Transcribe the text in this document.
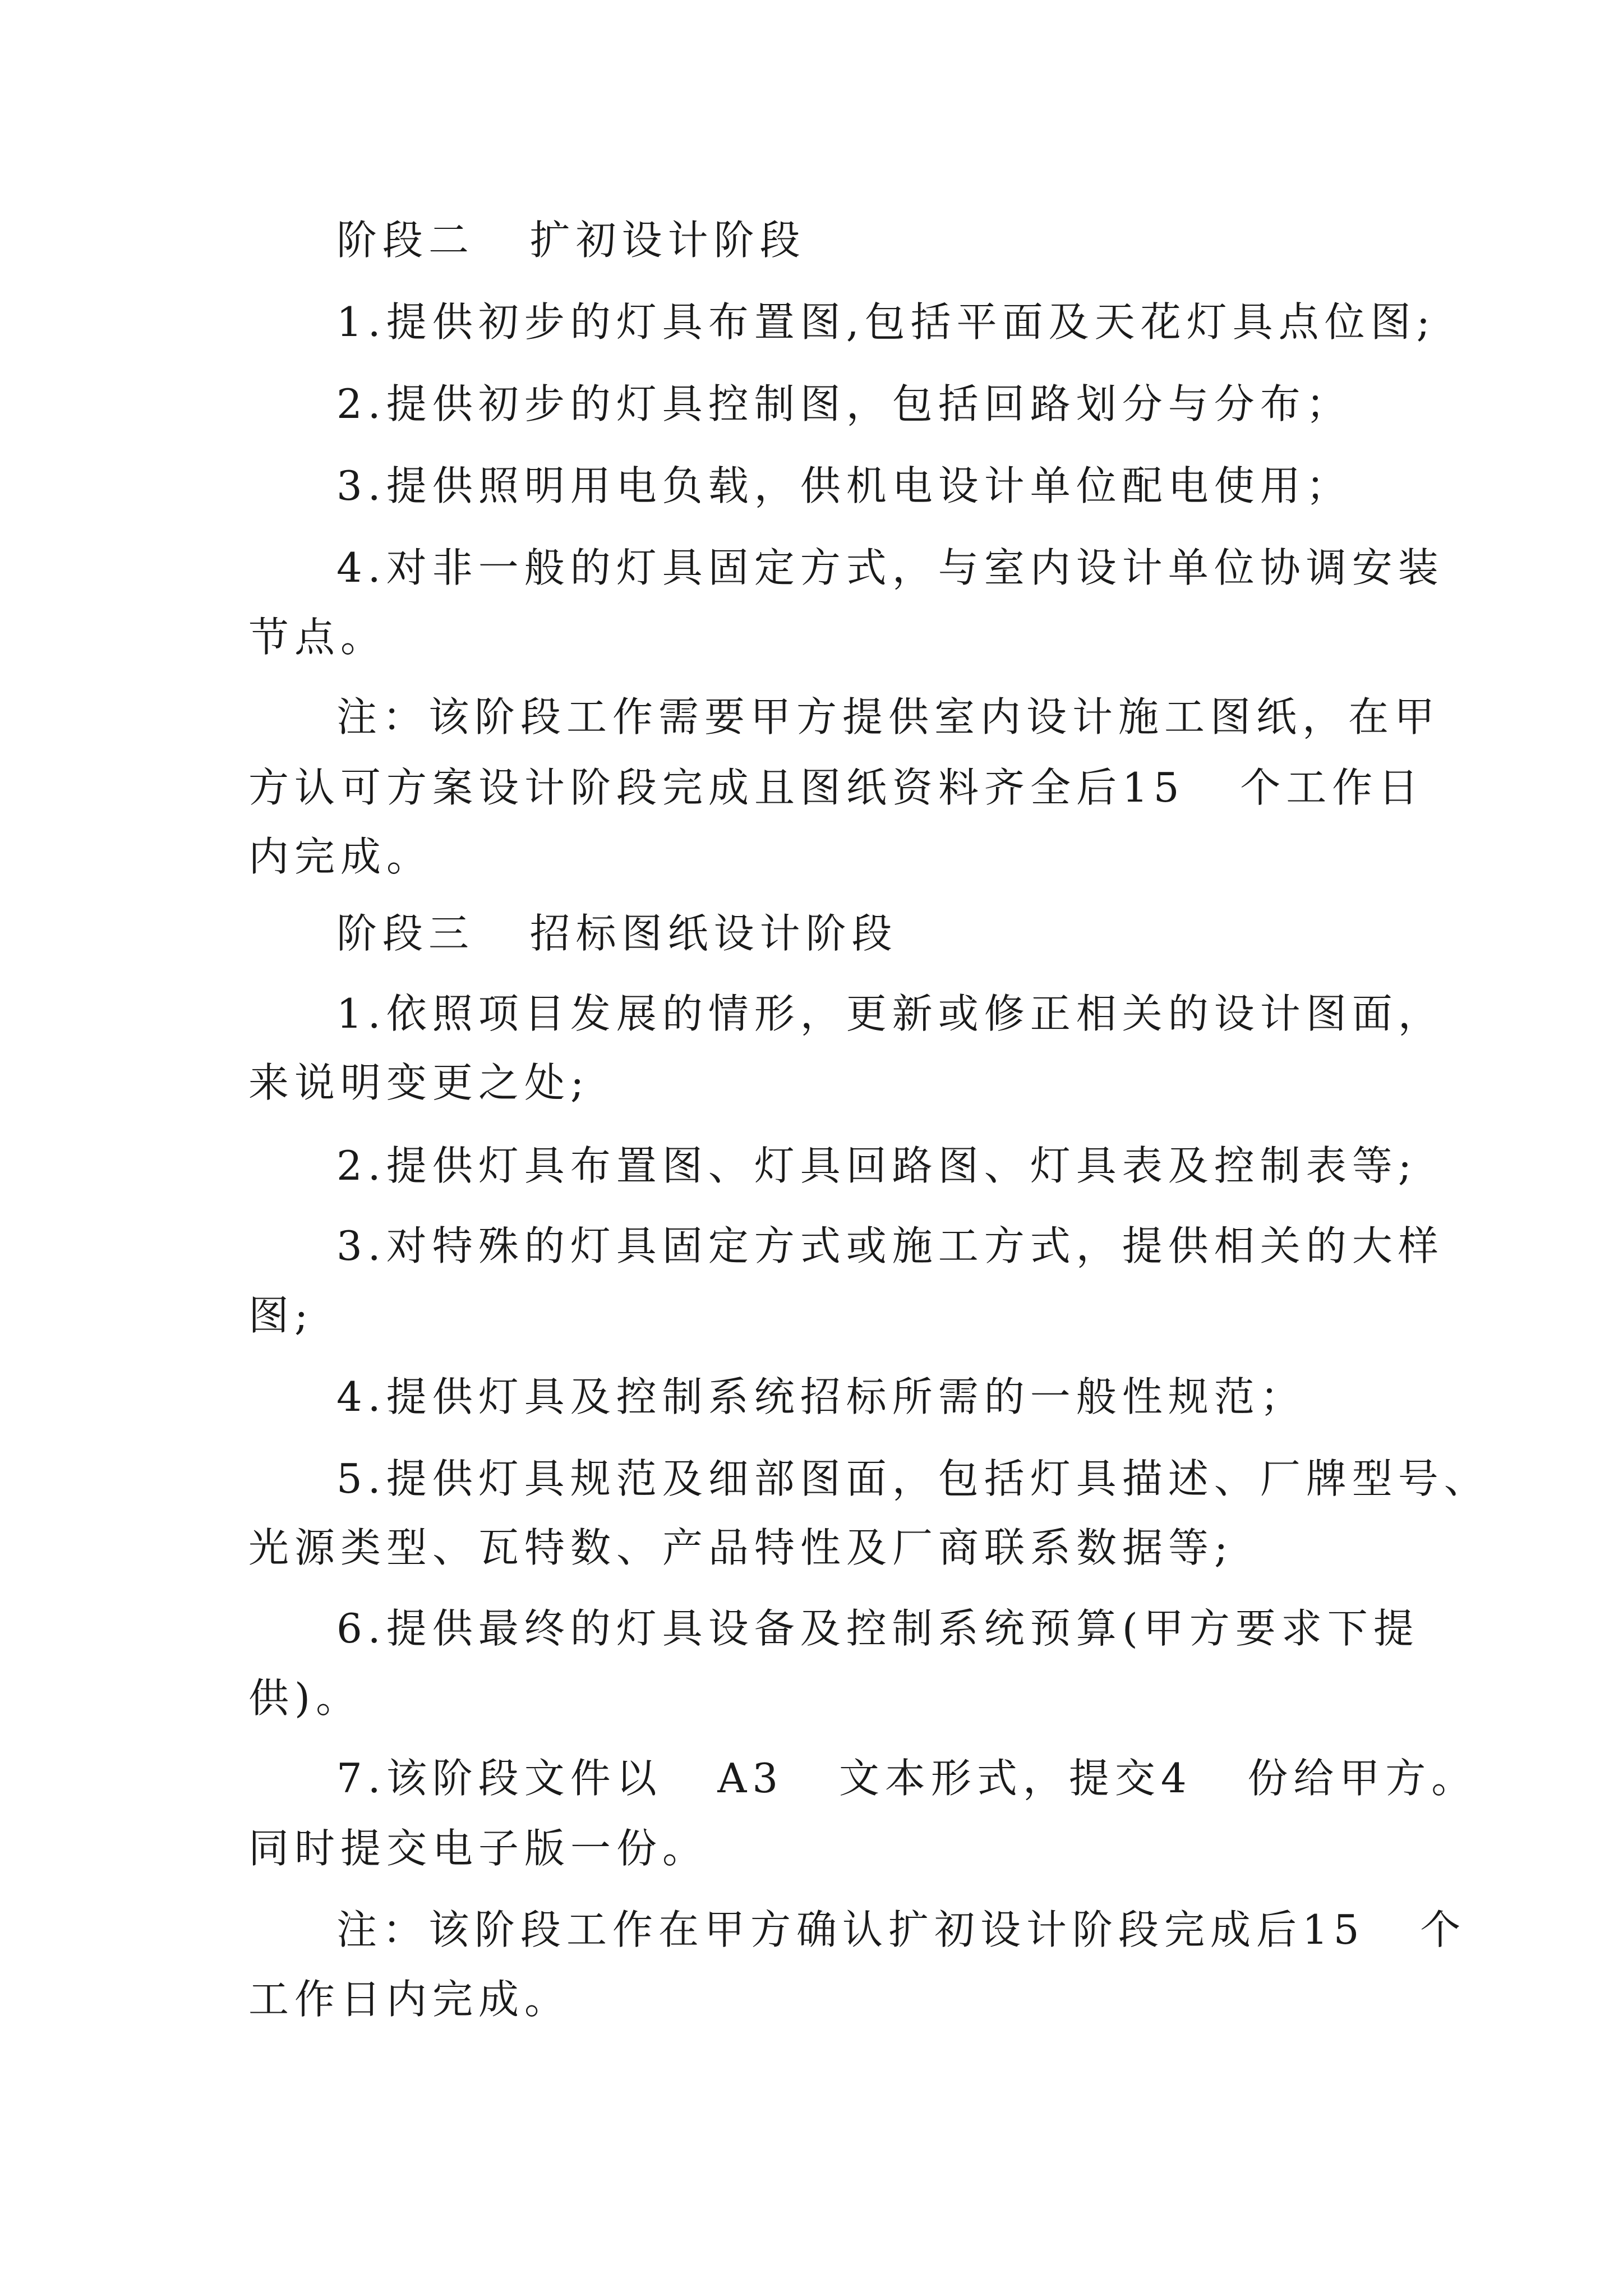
阶段二   扩初设计阶段
1.提供初步的灯具布置图,包括平面及天花灯具点位图;
2.提供初步的灯具控制图，包括回路划分与分布；
3.提供照明用电负载，供机电设计单位配电使用；
4.对非一般的灯具固定方式，与室内设计单位协调安装
节点。
注：该阶段工作需要甲方提供室内设计施工图纸，在甲
方认可方案设计阶段完成且图纸资料齐全后15   个工作日
内完成。
阶段三   招标图纸设计阶段
1.依照项目发展的情形，更新或修正相关的设计图面，
来说明变更之处;
2.提供灯具布置图、灯具回路图、灯具表及控制表等;
3.对特殊的灯具固定方式或施工方式，提供相关的大样
图;
4.提供灯具及控制系统招标所需的一般性规范；
5.提供灯具规范及细部图面，包括灯具描述、厂牌型号、
光源类型、瓦特数、产品特性及厂商联系数据等;
6.提供最终的灯具设备及控制系统预算(甲方要求下提
供)。
7.该阶段文件以   A3   文本形式，提交4   份给甲方。
同时提交电子版一份。
注：该阶段工作在甲方确认扩初设计阶段完成后15   个
工作日内完成。
